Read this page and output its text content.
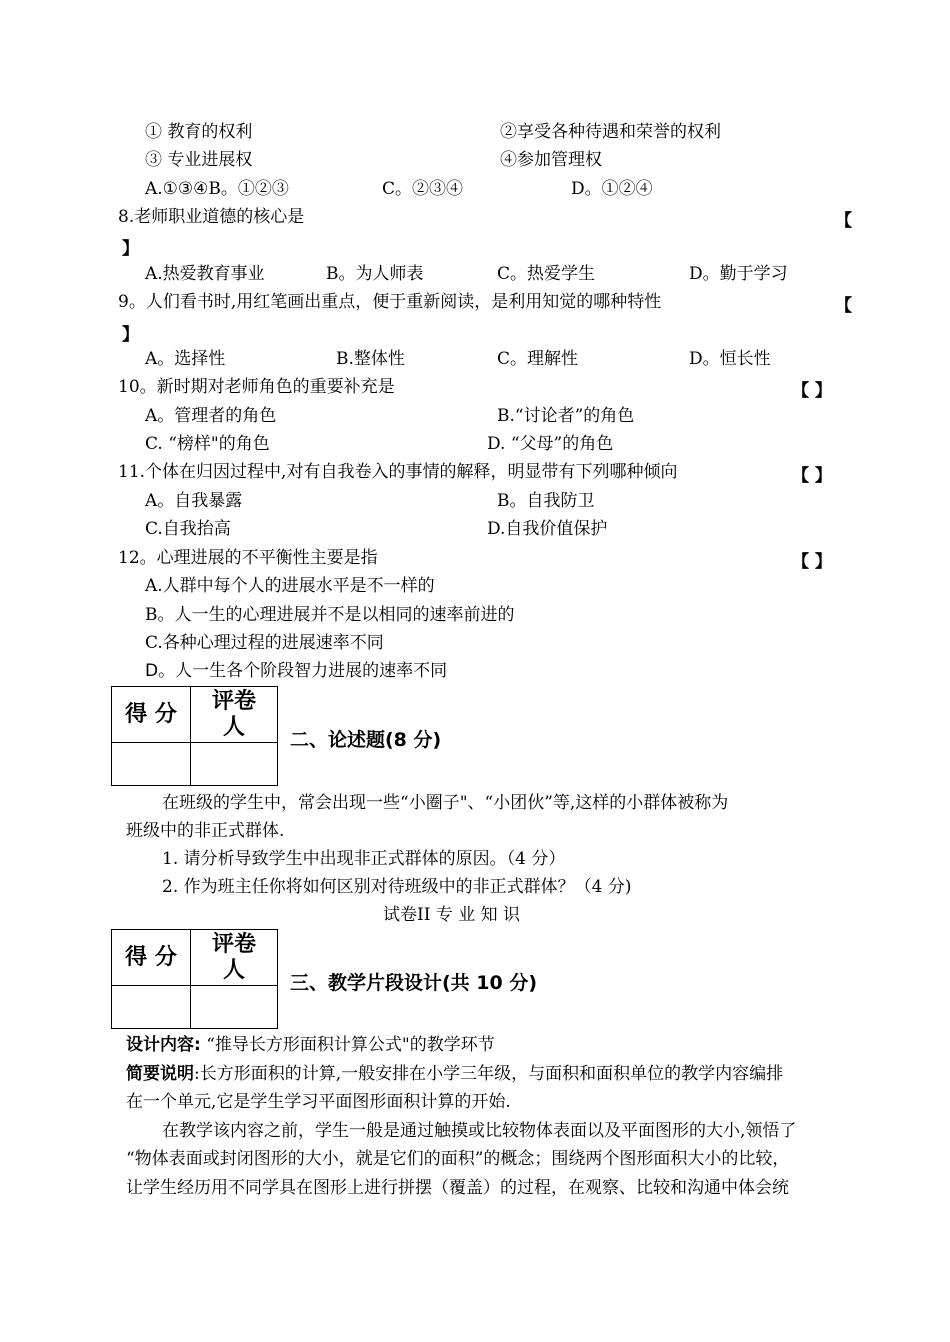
① 教育的权利	②享受各种待遇和荣誉的权利
③ 专业进展权	④参加管理权
A.①③④B。①②③	C。②③④	D。①②④
8.老师职业道德的核心是	【
】
A.热爱教育事业	B。为人师表	C。热爱学生	D。勤于学习
9。人们看书时,用红笔画出重点，便于重新阅读，是利用知觉的哪种特性	【
】
A。选择性	B.整体性	C。理解性	D。恒长性
10。新时期对老师角色的重要补充是	【 】
A。管理者的角色	B.“讨论者”的角色
C. “榜样"的角色	D. “父母”的角色
11.个体在归因过程中,对有自我卷入的事情的解释，明显带有下列哪种倾向	【 】
A。自我暴露	B。自我防卫
C.自我抬高	D.自我价值保护
12。心理进展的不平衡性主要是指	【 】
A.人群中每个人的进展水平是不一样的
B。人一生的心理进展并不是以相同的速率前进的
C.各种心理过程的进展速率不同
D。人一生各个阶段智力进展的速率不同
得 分	评卷
人

二、论述题(8 分)
在班级的学生中，常会出现一些“小圈子"、“小团伙”等,这样的小群体被称为
班级中的非正式群体.
1. 请分析导致学生中出现非正式群体的原因。（4 分）
2. 作为班主任你将如何区别对待班级中的非正式群体？（4 分)
试卷II 专 业 知 识
得 分	评卷
人

三、教学片段设计(共 10 分)
设计内容: “推导长方形面积计算公式"的教学环节
简要说明:长方形面积的计算,一般安排在小学三年级，与面积和面积单位的教学内容编排
在一个单元,它是学生学习平面图形面积计算的开始.
在教学该内容之前，学生一般是通过触摸或比较物体表面以及平面图形的大小,领悟了
“物体表面或封闭图形的大小，就是它们的面积”的概念；围绕两个图形面积大小的比较，
让学生经历用不同学具在图形上进行拼摆（覆盖）的过程，在观察、比较和沟通中体会统
